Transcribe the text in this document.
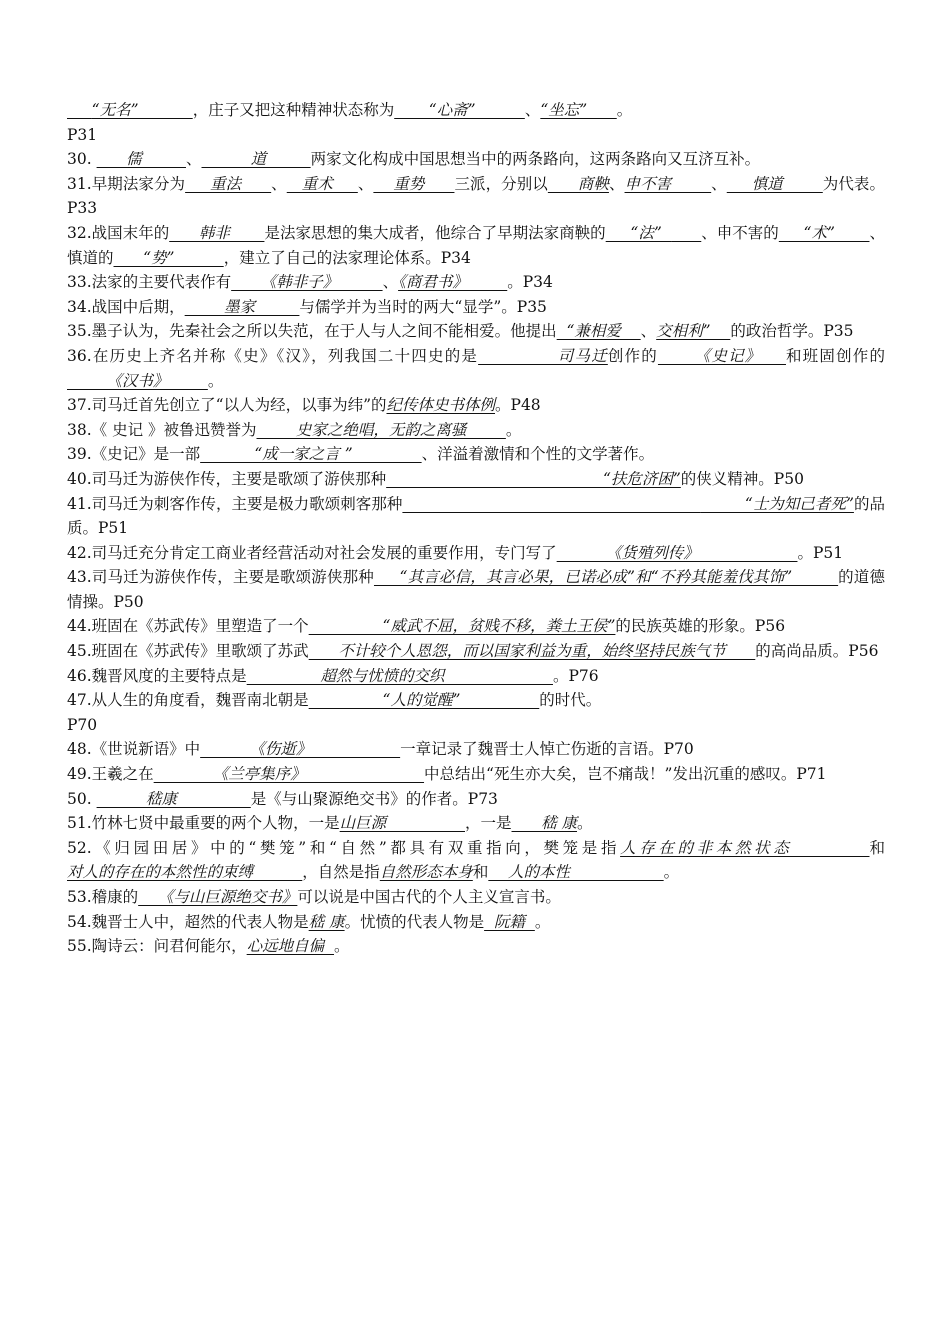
“无名”           ，庄子又把这种精神状态称为       “心斋”          、“坐忘”      。
P31

30.       儒         、          道         两家文化构成中国思想当中的两条路向，这两条路向又互济互补。

31.早期法家分为     重法      、   重术     、    重势      三派，分别以      商鞅、申不害        、     慎道        为代表。P33

32.战国末年的      韩非       是法家思想的集大成者，他综合了早期法家商鞅的     “法”        、申不害的     “术”       、慎道的      “势”          ，建立了自己的法家理论体系。P34

33.法家的主要代表作有      《韩非子》         、《商君书》        。P34

34.战国中后期，        墨家         与儒学并为当时的两大“显学”。P35

35.墨子认为，先秦社会之所以失范，在于人与人之间不能相爱。他提出  “兼相爱    、交相利”    的政治哲学。P35

36.在历史上齐名并称《史》《汉》，列我国二十四史的是             司马迁创作的      《史记》    和班固创作的        《汉书》        。

37.司马迁首先创立了“以人为经，以事为纬”的纪传体史书体例。P48

38.《 史记 》被鲁迅赞誉为        史家之绝唱，无韵之离骚        。

39.《史记》是一部           “成一家之言 ”              、洋溢着激情和个性的文学著作。

40.司马迁为游侠作传，主要是歌颂了游侠那种                                            “扶危济困”的侠义精神。P50

41.司马迁为刺客作传，主要是极力歌颂刺客那种	“士为知己者死”的品质。P51

42.司马迁充分肯定工商业者经营活动对社会发展的重要作用，专门写了          《货殖列传》                    。P51

43.司马迁为游侠作传，主要是歌颂游侠那种     “其言必信，其言必果，已诺必成”和“不矜其能羞伐其饰”         的道德情操。P50

44.班固在《苏武传》里塑造了一个               “威武不屈，贫贱不移，粪土王侯”的民族英雄的形象。P56

45.班固在《苏武传》里歌颂了苏武      不计较个人恩怨，而以国家利益为重，始终坚持民族气节      的高尚品质。P56

46.魏晋风度的主要特点是               超然与忧愤的交织                      。P76

47.从人生的角度看，魏晋南北朝是               “人的觉醒”                的时代。
P70

48.《世说新语》中          《伤逝》                  一章记录了魏晋士人悼亡伤逝的言语。P70

49.王羲之在            《兰亭集序》                        中总结出“死生亦大矣，岂不痛哉！”发出沉重的感叹。P71

50.           嵇康               是《与山聚源绝交书》的作者。P73

51.竹林七贤中最重要的两个人物，一是山巨源                ，一是      嵇 康。

52.《归园田居》中的“樊笼”和“自然”都具有双重指向，樊笼是指人存在的非本然状态         和对人的存在的本然性的束缚          ，自然是指自然形态本身和    人的本性                   。

53.稽康的    《与山巨源绝交书》可以说是中国古代的个人主义宣言书。

54.魏晋士人中，超然的代表人物是嵇 康。忧愤的代表人物是  阮籍  。

55.陶诗云：问君何能尔，心远地自偏  。
